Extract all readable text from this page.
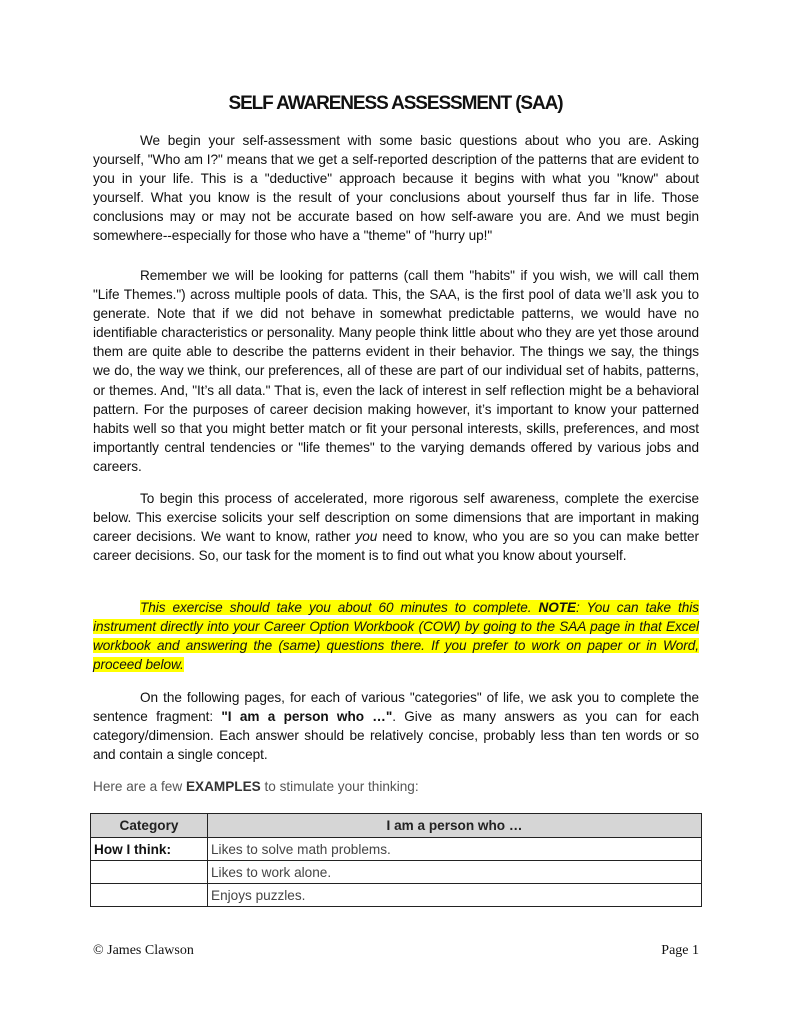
SELF AWARENESS ASSESSMENT (SAA)
We begin your self-assessment with some basic questions about who you are. Asking yourself, "Who am I?" means that we get a self-reported description of the patterns that are evident to you in your life. This is a "deductive" approach because it begins with what you "know" about yourself. What you know is the result of your conclusions about yourself thus far in life. Those conclusions may or may not be accurate based on how self-aware you are. And we must begin somewhere--especially for those who have a "theme" of "hurry up!"
Remember we will be looking for patterns (call them "habits" if you wish, we will call them "Life Themes.") across multiple pools of data. This, the SAA, is the first pool of data we’ll ask you to generate. Note that if we did not behave in somewhat predictable patterns, we would have no identifiable characteristics or personality. Many people think little about who they are yet those around them are quite able to describe the patterns evident in their behavior. The things we say, the things we do, the way we think, our preferences, all of these are part of our individual set of habits, patterns, or themes. And, "It’s all data." That is, even the lack of interest in self reflection might be a behavioral pattern. For the purposes of career decision making however, it’s important to know your patterned habits well so that you might better match or fit your personal interests, skills, preferences, and most importantly central tendencies or "life themes" to the varying demands offered by various jobs and careers.
To begin this process of accelerated, more rigorous self awareness, complete the exercise below. This exercise solicits your self description on some dimensions that are important in making career decisions. We want to know, rather you need to know, who you are so you can make better career decisions. So, our task for the moment is to find out what you know about yourself.
This exercise should take you about 60 minutes to complete. NOTE: You can take this instrument directly into your Career Option Workbook (COW) by going to the SAA page in that Excel workbook and answering the (same) questions there. If you prefer to work on paper or in Word, proceed below.
On the following pages, for each of various "categories" of life, we ask you to complete the sentence fragment: "I am a person who …". Give as many answers as you can for each category/dimension. Each answer should be relatively concise, probably less than ten words or so and contain a single concept.
Here are a few EXAMPLES to stimulate your thinking:
Category	I am a person who …
How I think:	Likes to solve math problems.
	Likes to work alone.
	Enjoys puzzles.
© James Clawson	Page 1
